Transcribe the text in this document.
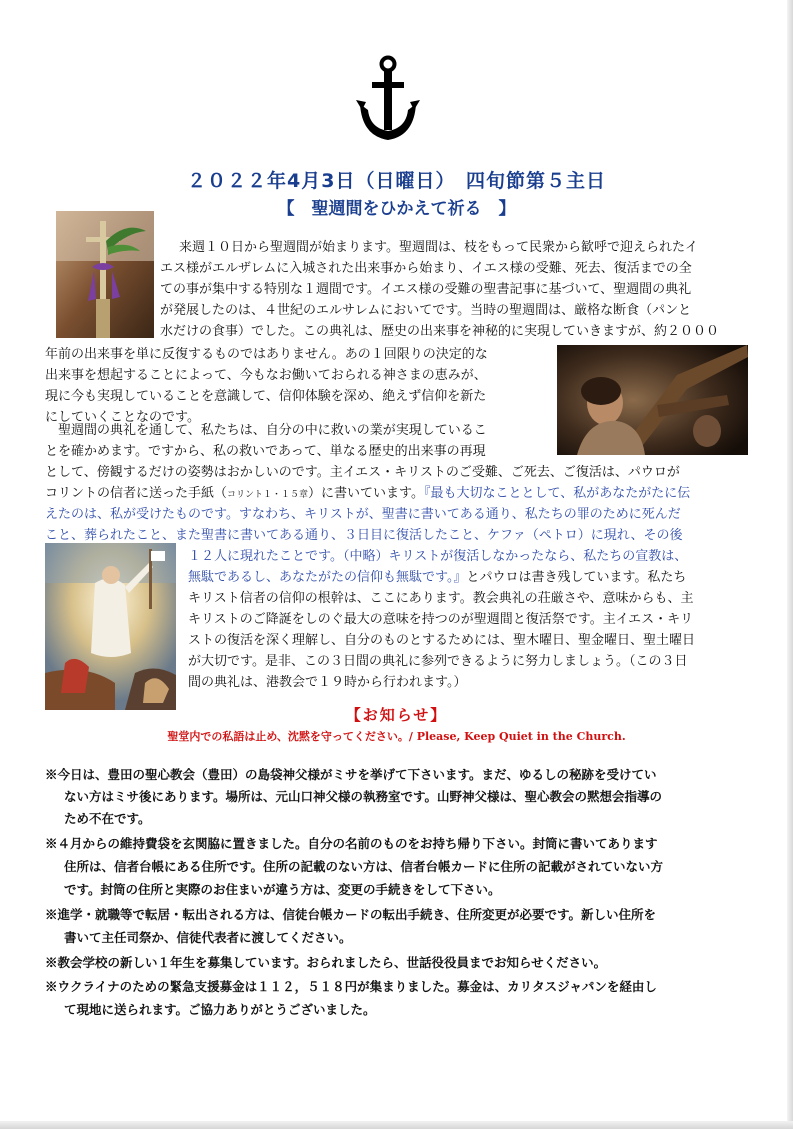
２０２２年4月3日（日曜日）　四旬節第５主日
【　聖週間をひかえて祈る　】
来週１０日から聖週間が始まります。聖週間は、枝をもって民衆から歓呼で迎えられたイ
エス様がエルザレムに入城された出来事から始まり、イエス様の受難、死去、復活までの全
ての事が集中する特別な１週間です。イエス様の受難の聖書記事に基づいて、聖週間の典礼
が発展したのは、４世紀のエルサレムにおいてです。当時の聖週間は、厳格な断食（パンと
水だけの食事）でした。この典礼は、歴史の出来事を神秘的に実現していきますが、約２０００
年前の出来事を単に反復するものではありません。あの１回限りの決定的な
出来事を想起することによって、今もなお働いておられる神さまの恵みが、
現に今も実現していることを意識して、信仰体験を深め、絶えず信仰を新た
にしていくことなのです。
聖週間の典礼を通して、私たちは、自分の中に救いの業が実現しているこ
とを確かめます。ですから、私の救いであって、単なる歴史的出来事の再現
として、傍観するだけの姿勢はおかしいのです。主イエス・キリストのご受難、ご死去、ご復活は、パウロが
コリントの信者に送った手紙（コリント１・１５章）に書いています。『最も大切なこととして、私があなたがたに伝
えたのは、私が受けたものです。すなわち、キリストが、聖書に書いてある通り、私たちの罪のために死んだ
こと、葬られたこと、また聖書に書いてある通り、３日目に復活したこと、ケファ（ペトロ）に現れ、その後
１２人に現れたことです。（中略）キリストが復活しなかったなら、私たちの宣教は、
無駄であるし、あなたがたの信仰も無駄です。』とパウロは書き残しています。私たち
キリスト信者の信仰の根幹は、ここにあります。教会典礼の荘厳さや、意味からも、主
キリストのご降誕をしのぐ最大の意味を持つのが聖週間と復活祭です。主イエス・キリ
ストの復活を深く理解し、自分のものとするためには、聖木曜日、聖金曜日、聖土曜日
が大切です。是非、この３日間の典礼に参列できるように努力しましょう。（この３日
間の典礼は、港教会で１９時から行われます。）
【お知らせ】
聖堂内での私語は止め、沈黙を守ってください。/ Please, Keep Quiet in the Church.
※今日は、豊田の聖心教会（豊田）の島袋神父様がミサを挙げて下さいます。まだ、ゆるしの秘跡を受けてい
ない方はミサ後にあります。場所は、元山口神父様の執務室です。山野神父様は、聖心教会の黙想会指導の
ため不在です。
※４月からの維持費袋を玄関脇に置きました。自分の名前のものをお持ち帰り下さい。封筒に書いてあります
住所は、信者台帳にある住所です。住所の記載のない方は、信者台帳カードに住所の記載がされていない方
です。封筒の住所と実際のお住まいが違う方は、変更の手続きをして下さい。
※進学・就職等で転居・転出される方は、信徒台帳カードの転出手続き、住所変更が必要です。新しい住所を
書いて主任司祭か、信徒代表者に渡してください。
※教会学校の新しい１年生を募集しています。おられましたら、世話役役員までお知らせください。
※ウクライナのための緊急支援募金は１１２，５１８円が集まりました。募金は、カリタスジャパンを経由し
て現地に送られます。ご協力ありがとうございました。
